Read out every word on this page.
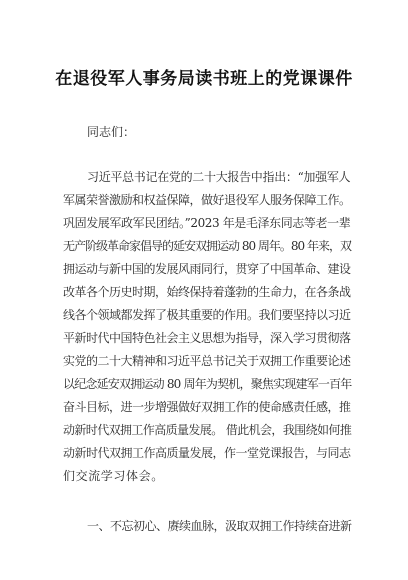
在退役军人事务局读书班上的党课课件
同志们：
习近平总书记在党的二十大报告中指出：“加强军人
军属荣誉激励和权益保障，做好退役军人服务保障工作。
巩固发展军政军民团结。”2023 年是毛泽东同志等老一辈
无产阶级革命家倡导的延安双拥运动 80 周年。80 年来，双
拥运动与新中国的发展风雨同行，贯穿了中国革命、建设
改革各个历史时期，始终保持着蓬勃的生命力，在各条战
线各个领域都发挥了极其重要的作用。我们要坚持以习近
平新时代中国特色社会主义思想为指导，深入学习贯彻落
实党的二十大精神和习近平总书记关于双拥工作重要论述
以纪念延安双拥运动 80 周年为契机，聚焦实现建军一百年
奋斗目标，进一步增强做好双拥工作的使命感责任感，推
动新时代双拥工作高质量发展。 借此机会，我围绕如何推
动新时代双拥工作高质量发展，作一堂党课报告，与同志
们交流学习体会。
一、不忘初心、赓续血脉，汲取双拥工作持续奋进新
